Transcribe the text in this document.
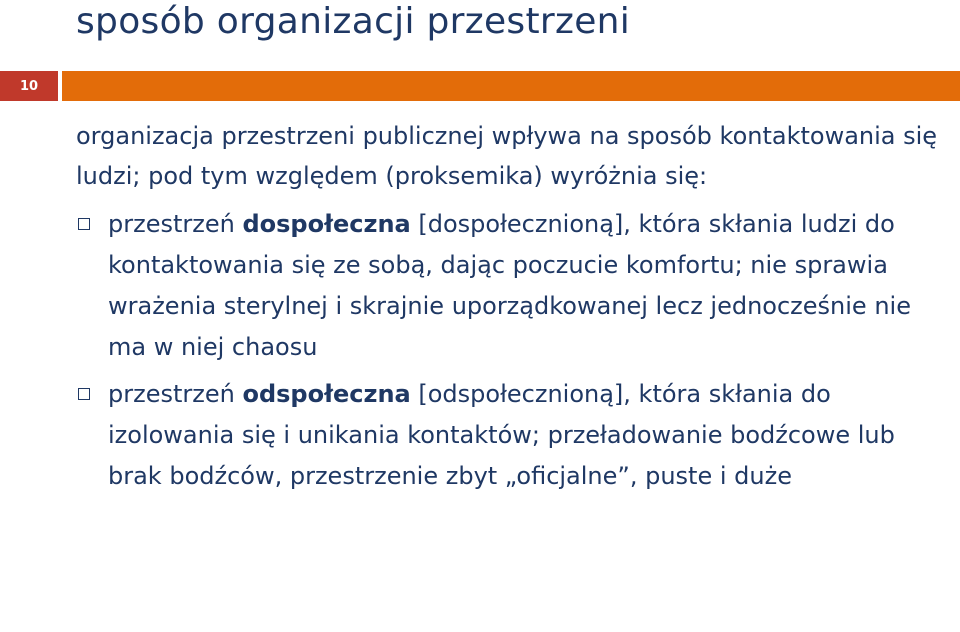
sposób organizacji przestrzeni
10

organizacja przestrzeni publicznej wpływa na sposób kontaktowania się ludzi; pod tym względem (proksemika) wyróżnia się:

przestrzeń dospołeczna [dospołecznioną], która skłania ludzi do kontaktowania się ze sobą, dając poczucie komfortu; nie sprawia wrażenia sterylnej i skrajnie uporządkowanej lecz jednocześnie nie ma w niej chaosu

przestrzeń odspołeczna [odspołecznioną], która skłania do izolowania się i unikania kontaktów; przeładowanie bodźcowe lub brak bodźców, przestrzenie zbyt „oficjalne”, puste i duże
